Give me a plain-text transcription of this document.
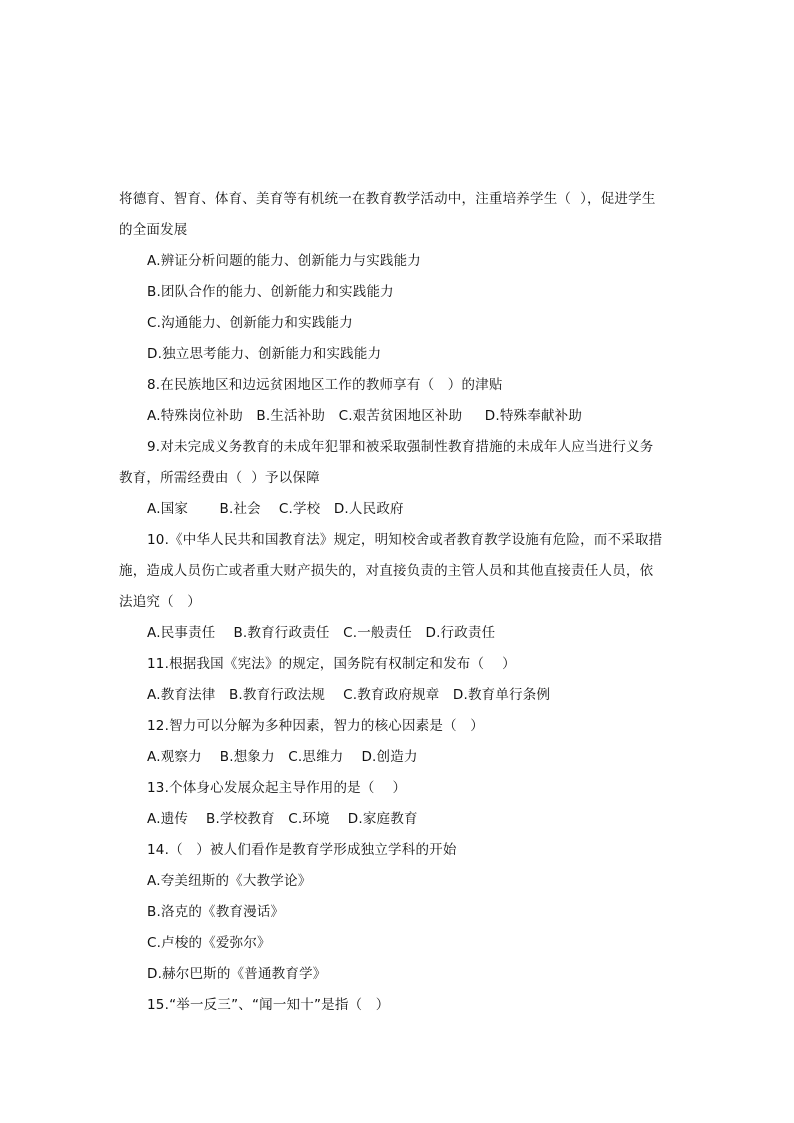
将德育、智育、体育、美育等有机统一在教育教学活动中，注重培养学生（  ），促进学生
的全面发展
A.辨证分析问题的能力、创新能力与实践能力
B.团队合作的能力、创新能力和实践能力
C.沟通能力、创新能力和实践能力
D.独立思考能力、创新能力和实践能力
8.在民族地区和边远贫困地区工作的教师享有（   ）的津贴
A.特殊岗位补助   B.生活补助   C.艰苦贫困地区补助     D.特殊奉献补助
9.对未完成义务教育的未成年犯罪和被采取强制性教育措施的未成年人应当进行义务
教育，所需经费由（  ）予以保障
A.国家       B.社会    C.学校   D.人民政府
10.《中华人民共和国教育法》规定，明知校舍或者教育教学设施有危险，而不采取措
施，造成人员伤亡或者重大财产损失的，对直接负责的主管人员和其他直接责任人员，依
法追究（   ）
A.民事责任    B.教育行政责任   C.一般责任   D.行政责任
11.根据我国《宪法》的规定，国务院有权制定和发布（    ）
A.教育法律   B.教育行政法规    C.教育政府规章   D.教育单行条例
12.智力可以分解为多种因素，智力的核心因素是（   ）
A.观察力    B.想象力   C.思维力    D.创造力
13.个体身心发展众起主导作用的是（    ）
A.遗传    B.学校教育   C.环境    D.家庭教育
14.（   ）被人们看作是教育学形成独立学科的开始
A.夸美纽斯的《大教学论》
B.洛克的《教育漫话》
C.卢梭的《爱弥尔》
D.赫尔巴斯的《普通教育学》
15.“举一反三”、“闻一知十”是指（   ）
